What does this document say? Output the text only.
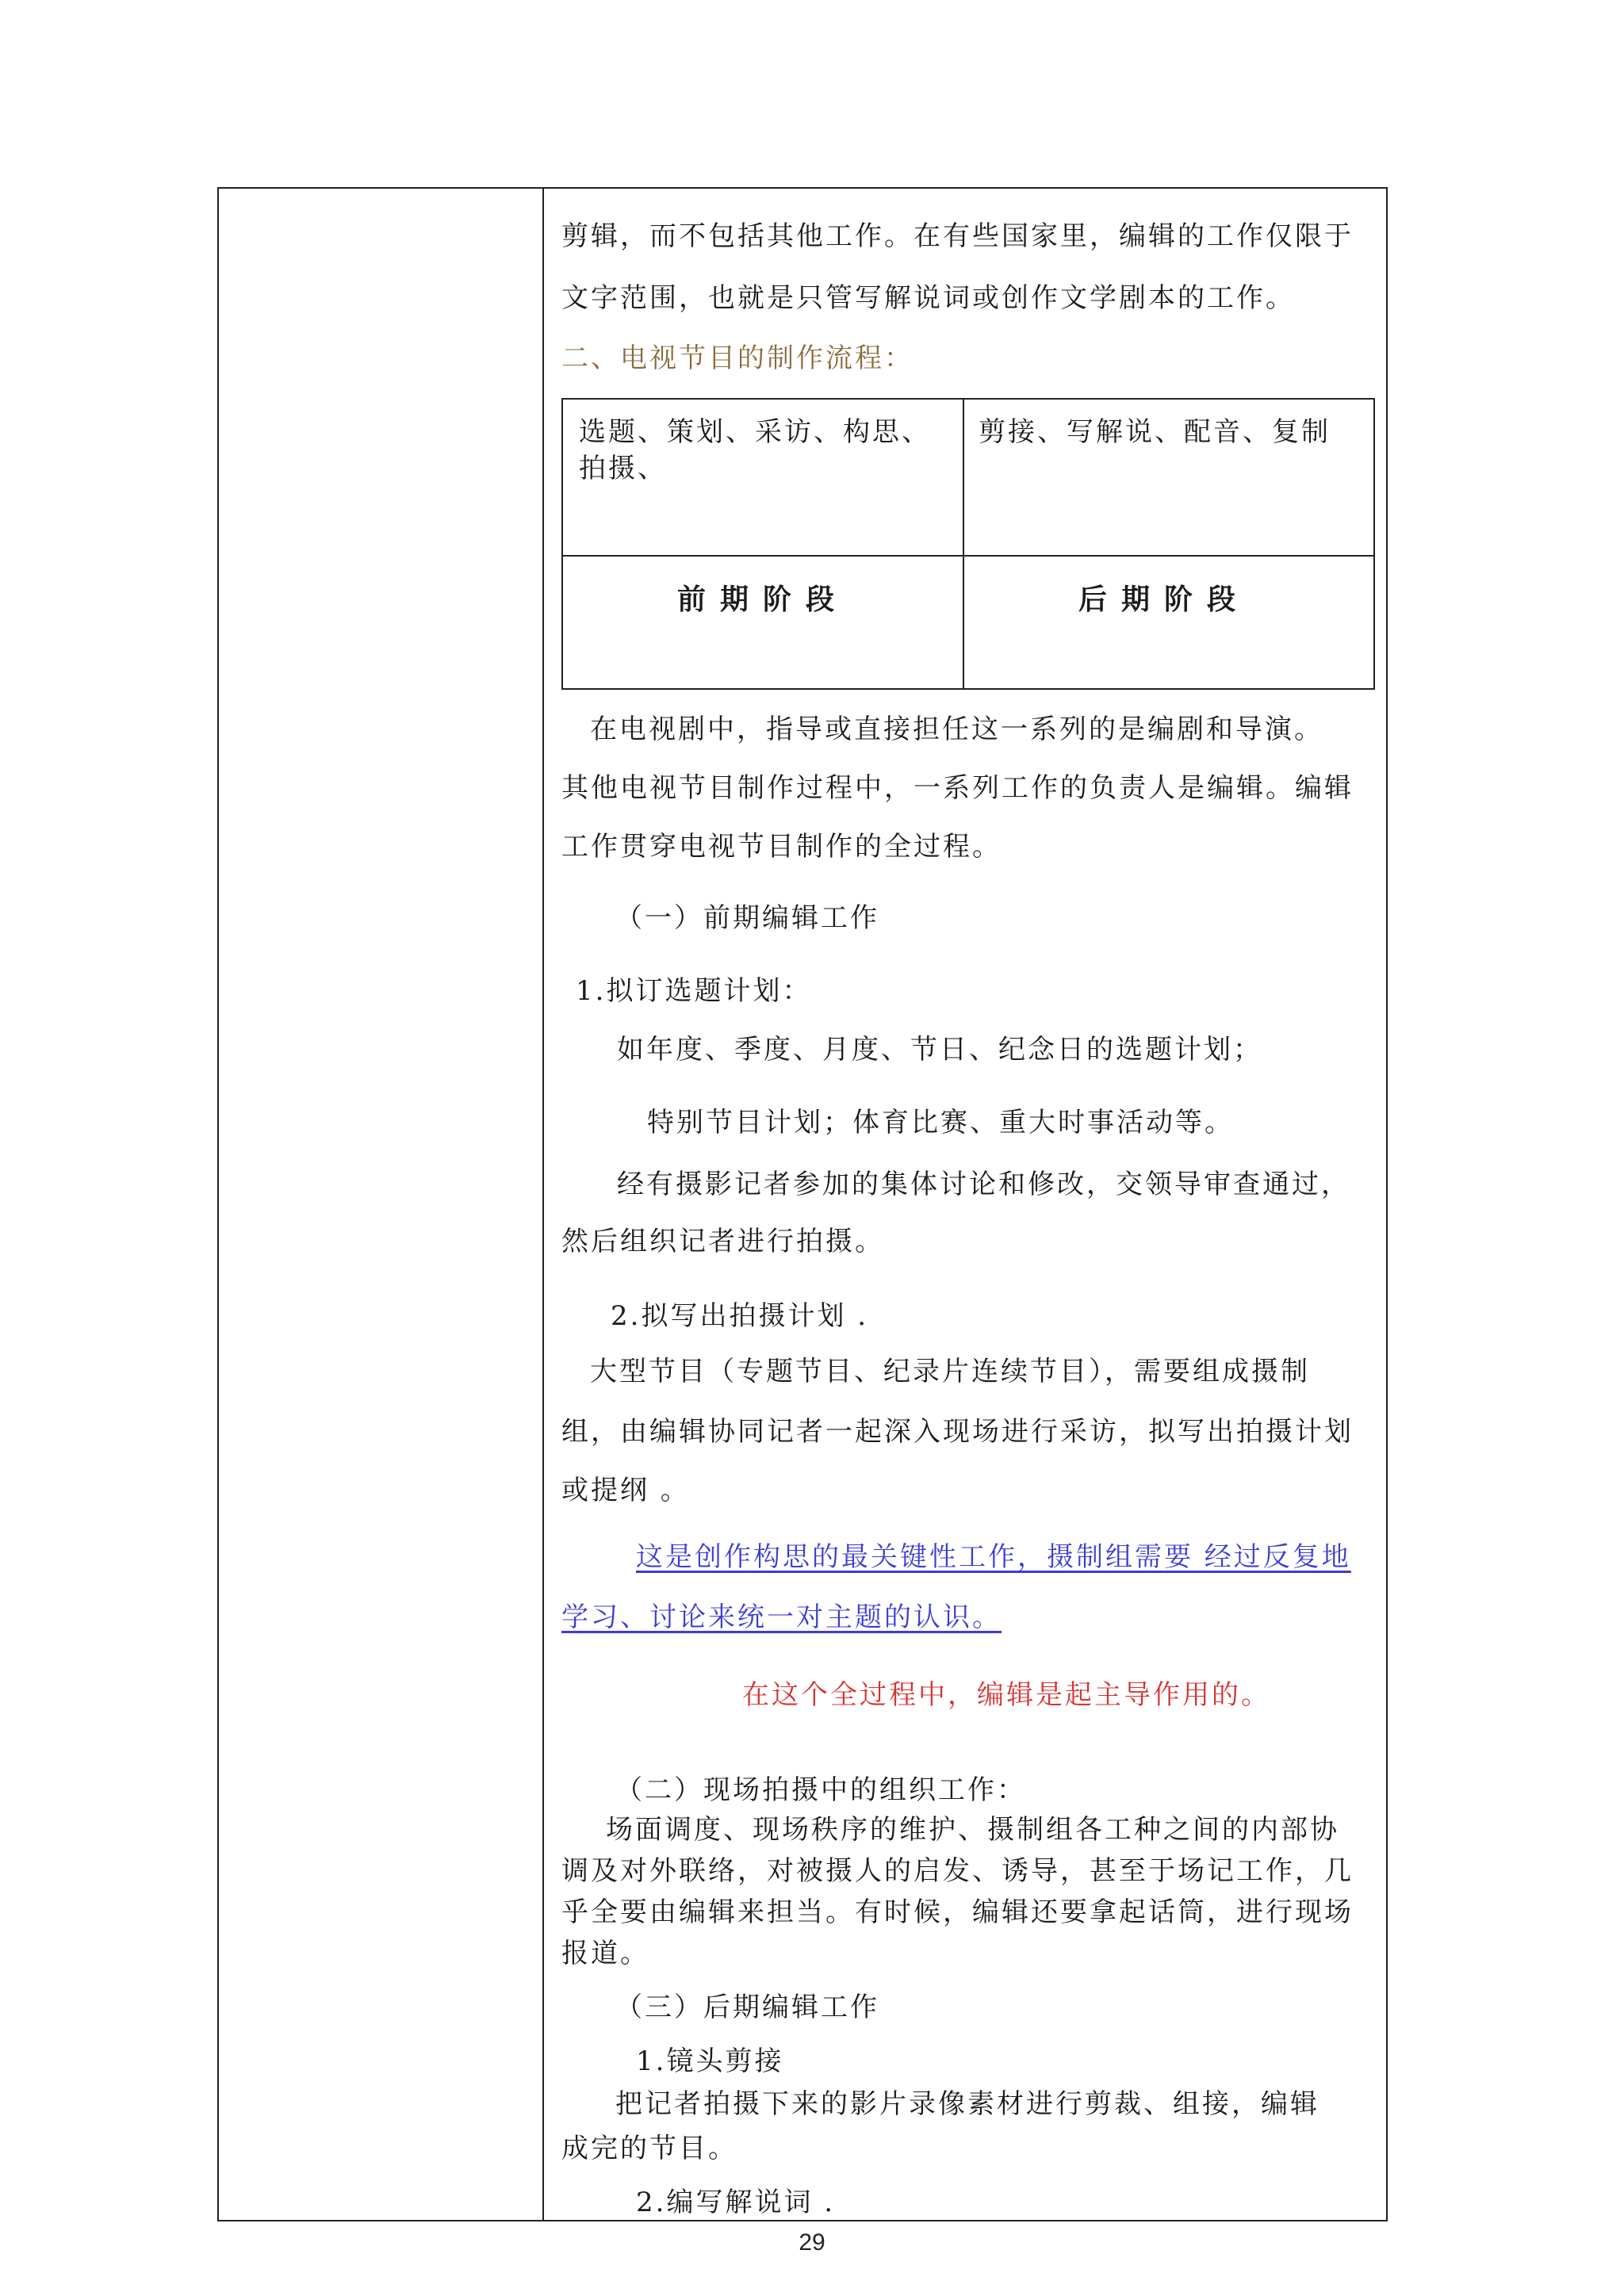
剪辑，而不包括其他工作。在有些国家里，编辑的工作仅限于
文字范围，也就是只管写解说词或创作文学剧本的工作。
二、电视节目的制作流程：
选题、策划、采访、构思、
拍摄、
剪接、写解说、配音、复制
前期阶段	后期阶段
在电视剧中，指导或直接担任这一系列的是编剧和导演。
其他电视节目制作过程中，一系列工作的负责人是编辑。编辑
工作贯穿电视节目制作的全过程。
（一）前期编辑工作
1.拟订选题计划：
如年度、季度、月度、节日、纪念日的选题计划；
特别节目计划；体育比赛、重大时事活动等。
经有摄影记者参加的集体讨论和修改，交领导审查通过，
然后组织记者进行拍摄。
2.拟写出拍摄计划 .
大型节目（专题节目、纪录片连续节目），需要组成摄制
组，由编辑协同记者一起深入现场进行采访，拟写出拍摄计划
或提纲 。
这是创作构思的最关键性工作，摄制组需要 经过反复地
学习、讨论来统一对主题的认识。
在这个全过程中，编辑是起主导作用的。
（二）现场拍摄中的组织工作：
场面调度、现场秩序的维护、摄制组各工种之间的内部协
调及对外联络，对被摄人的启发、诱导，甚至于场记工作，几
乎全要由编辑来担当。有时候，编辑还要拿起话筒，进行现场
报道。
（三）后期编辑工作
1.镜头剪接
把记者拍摄下来的影片录像素材进行剪裁、组接，编辑
成完的节目。
2.编写解说词 .
29
